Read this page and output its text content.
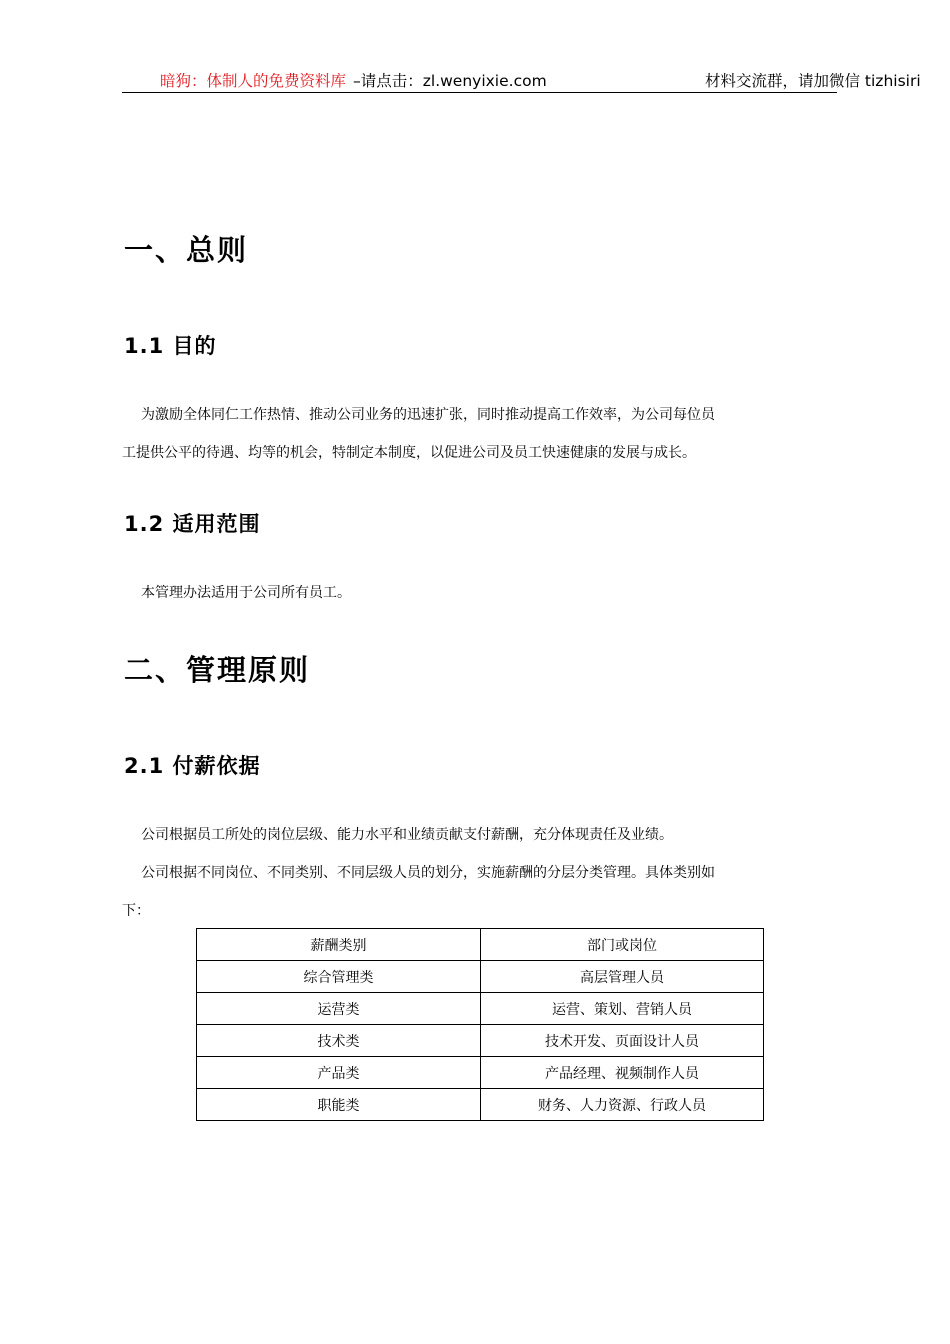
暗狗：体制人的免费资料库 –请点击：zl.wenyixie.com	材料交流群，请加微信 tizhisiri
一、总则
1.1 目的
为激励全体同仁工作热情、推动公司业务的迅速扩张，同时推动提高工作效率，为公司每位员
工提供公平的待遇、均等的机会，特制定本制度，以促进公司及员工快速健康的发展与成长。
1.2 适用范围
本管理办法适用于公司所有员工。
二、管理原则
2.1 付薪依据
公司根据员工所处的岗位层级、能力水平和业绩贡献支付薪酬，充分体现责任及业绩。
公司根据不同岗位、不同类别、不同层级人员的划分，实施薪酬的分层分类管理。具体类别如
下：
薪酬类别	部门或岗位
综合管理类	高层管理人员
运营类	运营、策划、营销人员
技术类	技术开发、页面设计人员
产品类	产品经理、视频制作人员
职能类	财务、人力资源、行政人员
